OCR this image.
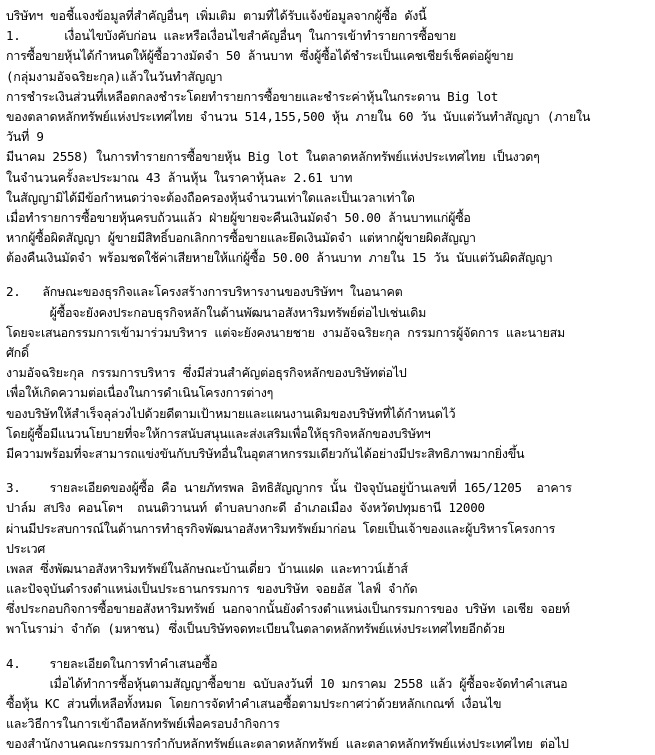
บริษัทฯ ขอชี้แจงข้อมูลที่สำคัญอื่นๆ เพิ่มเติม ตามที่ได้รับแจ้งข้อมูลจากผู้ซื้อ ดังนี้
1.      เงื่อนไขบังคับก่อน และหรือเงื่อนไขสำคัญอื่นๆ ในการเข้าทำรายการซื้อขาย
การซื้อขายหุ้นได้กำหนดให้ผู้ซื้อวางมัดจำ 50 ล้านบาท ซึ่งผู้ซื้อได้ชำระเป็นแคชเชียร์เช็คต่อผู้ขาย
(กลุ่มงามอัจฉริยะกุล)แล้วในวันทำสัญญา
การชำระเงินส่วนที่เหลือตกลงชำระโดยทำรายการซื้อขายและชำระค่าหุ้นในกระดาน Big lot
ของตลาดหลักทรัพย์แห่งประเทศไทย จำนวน 514,155,500 หุ้น ภายใน 60 วัน นับแต่วันทำสัญญา (ภายใน
วันที่ 9
มีนาคม 2558) ในการทำรายการซื้อขายหุ้น Big lot ในตลาดหลักทรัพย์แห่งประเทศไทย เป็นงวดๆ
ในจำนวนครั้งละประมาณ 43 ล้านหุ้น ในราคาหุ้นละ 2.61 บาท
ในสัญญามิได้มีข้อกำหนดว่าจะต้องถือครองหุ้นจำนวนเท่าใดและเป็นเวลาเท่าใด
เมื่อทำรายการซื้อขายหุ้นครบถ้วนแล้ว ฝ่ายผู้ขายจะคืนเงินมัดจำ 50.00 ล้านบาทแก่ผู้ซื้อ
หากผู้ซื้อผิดสัญญา ผู้ขายมีสิทธิ์บอกเลิกการซื้อขายและยึดเงินมัดจำ แต่หากผู้ขายผิดสัญญา
ต้องคืนเงินมัดจำ พร้อมชดใช้ค่าเสียหายให้แก่ผู้ซื้อ 50.00 ล้านบาท ภายใน 15 วัน นับแต่วันผิดสัญญา
2.   ลักษณะของธุรกิจและโครงสร้างการบริหารงานของบริษัทฯ ในอนาคต
ผู้ซื้อจะยังคงประกอบธุรกิจหลักในด้านพัฒนาอสังหาริมทรัพย์ต่อไปเช่นเดิม
โดยจะเสนอกรรมการเข้ามาร่วมบริหาร แต่จะยังคงนายชาย งามอัจฉริยะกุล กรรมการผู้จัดการ และนายสม
ศักดิ์
งามอัจฉริยะกุล กรรมการบริหาร ซึ่งมีส่วนสำคัญต่อธุรกิจหลักของบริษัทต่อไป
เพื่อให้เกิดความต่อเนื่องในการดำเนินโครงการต่างๆ
ของบริษัทให้สำเร็จลุล่วงไปด้วยดีตามเป้าหมายและแผนงานเดิมของบริษัทที่ได้กำหนดไว้
โดยผู้ซื้อมีแนวนโยบายที่จะให้การสนับสนุนและส่งเสริมเพื่อให้ธุรกิจหลักของบริษัทฯ
มีความพร้อมที่จะสามารถแข่งขันกับบริษัทอื่นในอุตสาหกรรมเดียวกันได้อย่างมีประสิทธิภาพมากยิ่งขึ้น
3.    รายละเอียดของผู้ซื้อ คือ นายภัทรพล อิทธิสัญญากร นั้น ปัจจุบันอยู่บ้านเลขที่ 165/1205  อาคาร
ปาล์ม สปริง คอนโดฯ  ถนนติวานนท์ ตำบลบางกะดี อำเภอเมือง จังหวัดปทุมธานี 12000
ผ่านมีประสบการณ์ในด้านการทำธุรกิจพัฒนาอสังหาริมทรัพย์มาก่อน โดยเป็นเจ้าของและผู้บริหารโครงการ
ประเวศ
เพลส ซึ่งพัฒนาอสังหาริมทรัพย์ในลักษณะบ้านเดี่ยว บ้านแฝด และทาวน์เฮ้าส์
และปัจจุบันดำรงตำแหน่งเป็นประธานกรรมการ ของบริษัท จอยอัส ไลฟ์ จำกัด
ซึ่งประกอบกิจการซื้อขายอสังหาริมทรัพย์ นอกจากนั้นยังดำรงตำแหน่งเป็นกรรมการของ บริษัท เอเชีย จอยท์
พาโนราม่า จำกัด (มหาชน) ซึ่งเป็นบริษัทจดทะเบียนในตลาดหลักทรัพย์แห่งประเทศไทยอีกด้วย
4.    รายละเอียดในการทำคำเสนอซื้อ
เมื่อได้ทำการซื้อหุ้นตามสัญญาซื้อขาย ฉบับลงวันที่ 10 มกราคม 2558 แล้ว ผู้ซื้อจะจัดทำคำเสนอ
ซื้อหุ้น KC ส่วนที่เหลือทั้งหมด โดยการจัดทำคำเสนอซื้อตามประกาศว่าด้วยหลักเกณฑ์ เงื่อนไข
และวิธีการในการเข้าถือหลักทรัพย์เพื่อครอบงำกิจการ
ของสำนักงานคณะกรรมการกำกับหลักทรัพย์และตลาดหลักทรัพย์ และตลาดหลักทรัพย์แห่งประเทศไทย ต่อไป
